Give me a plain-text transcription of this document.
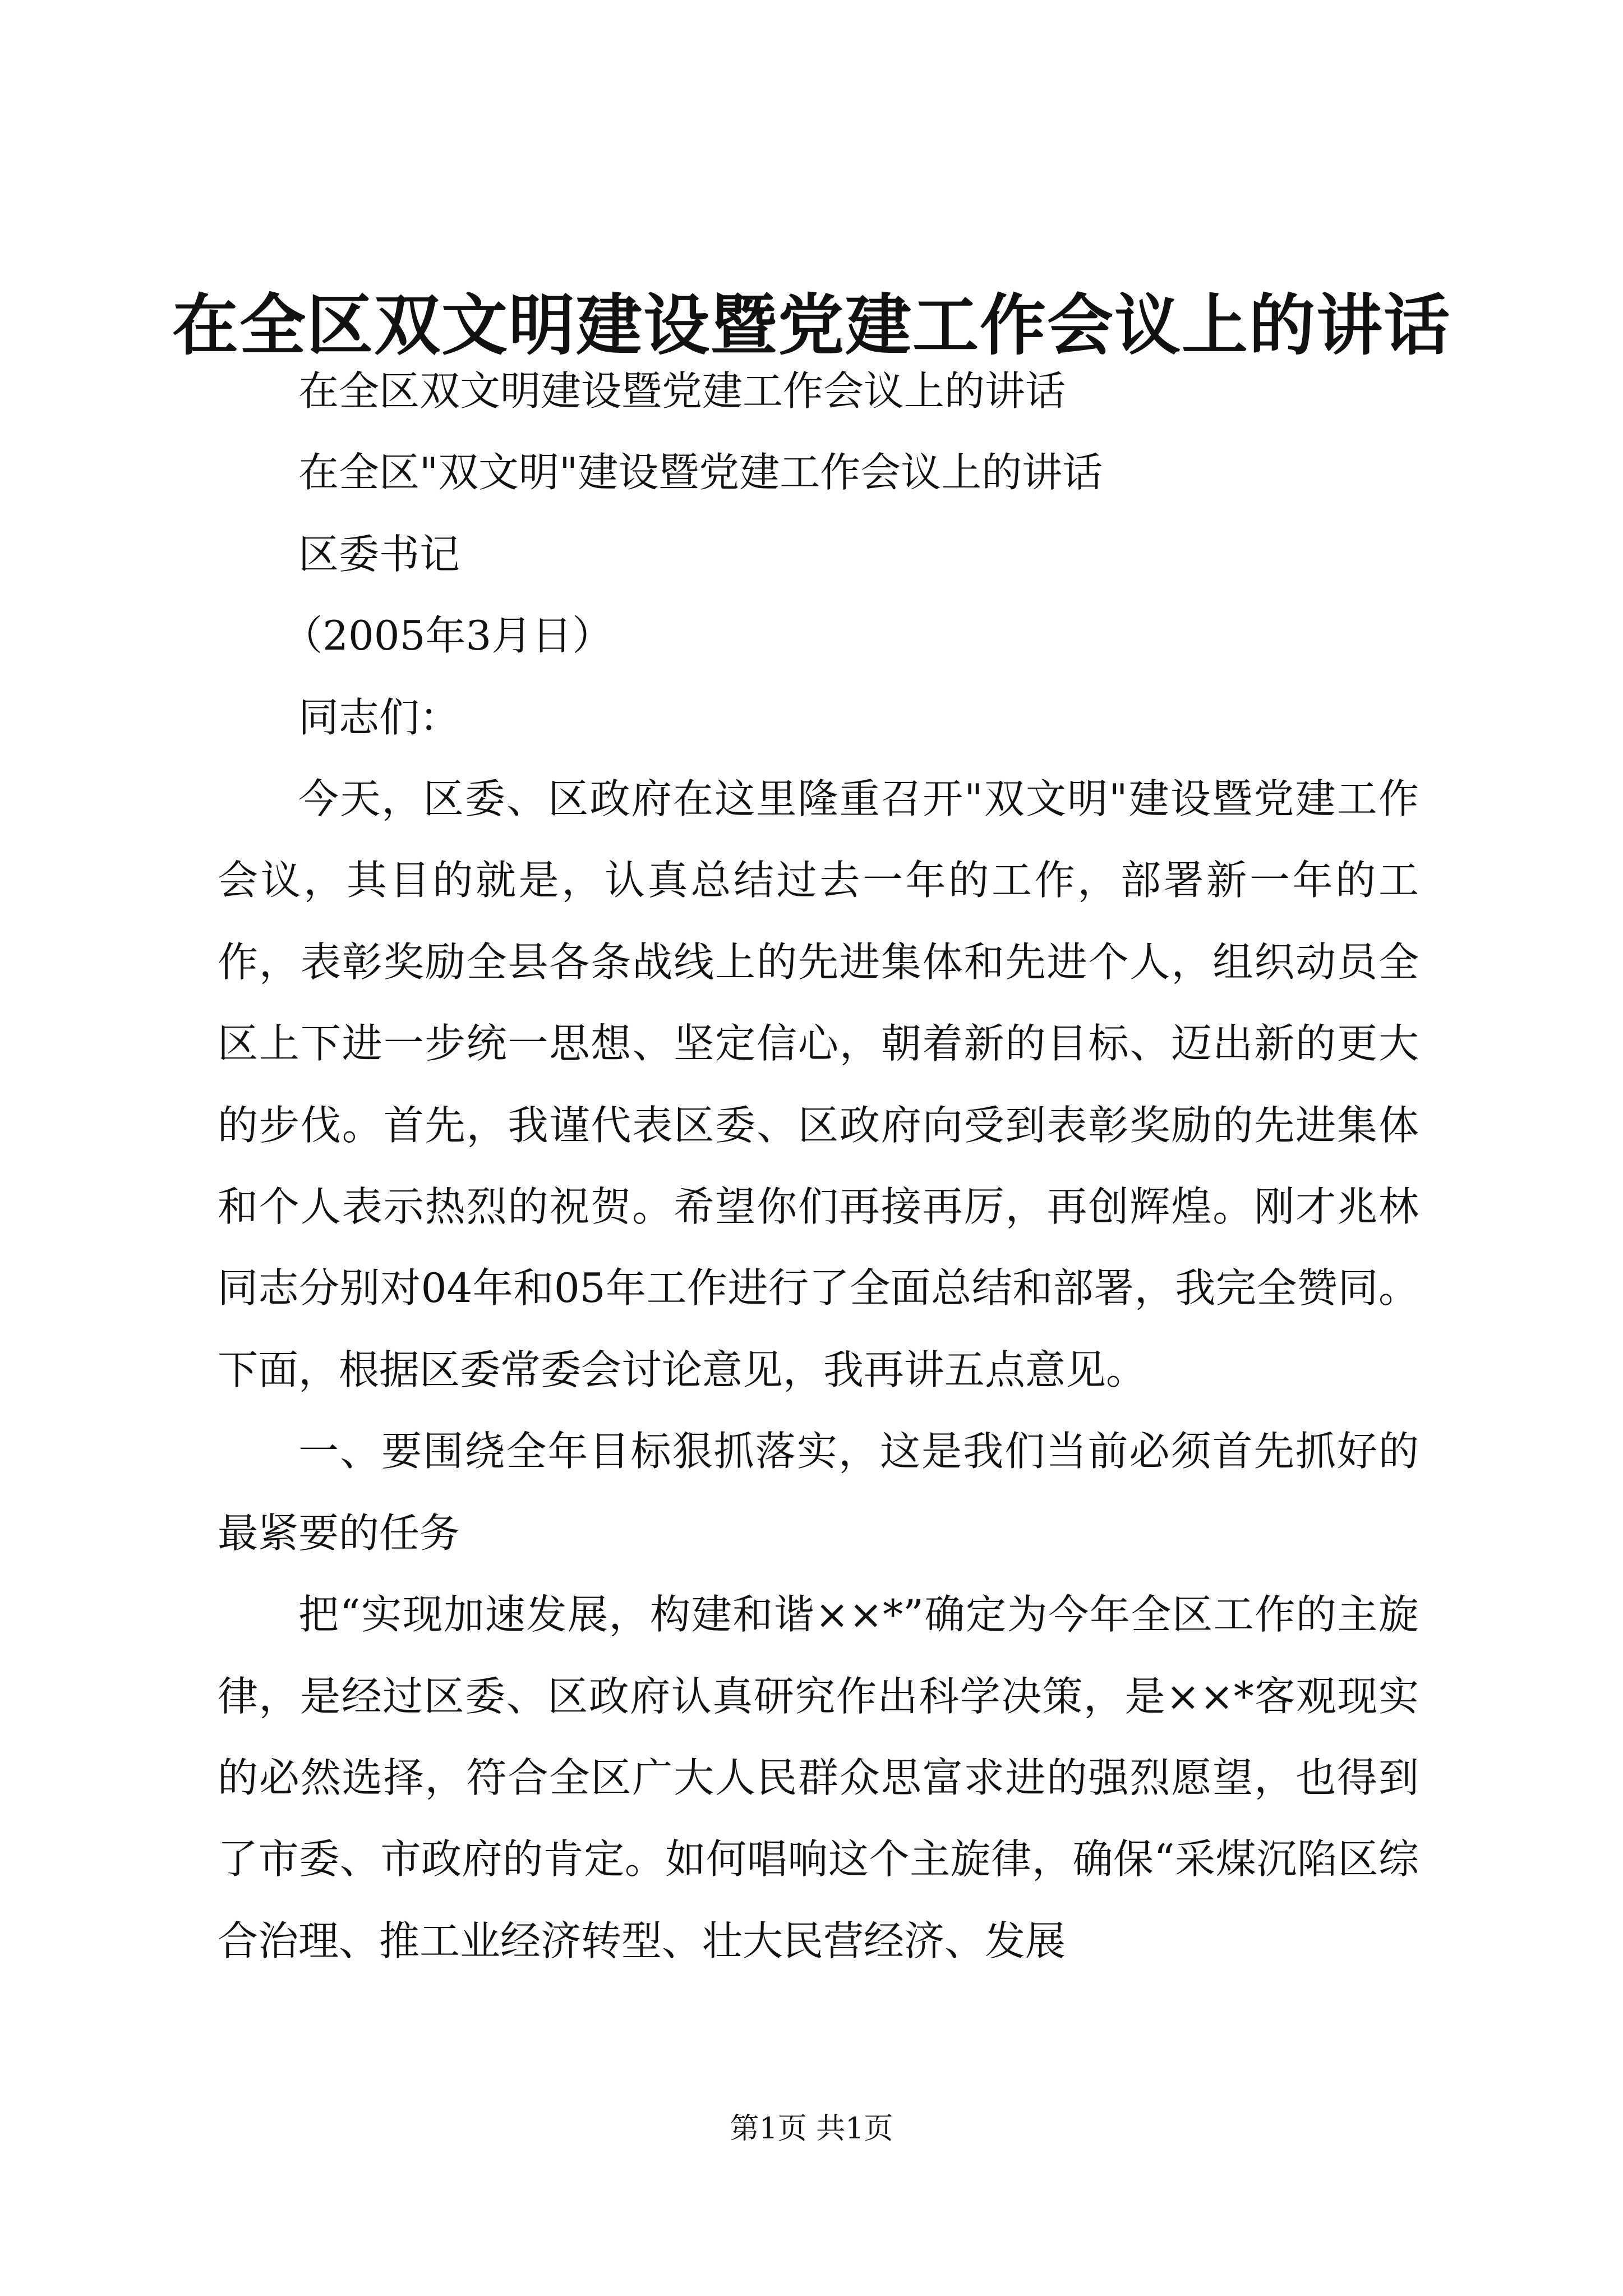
在全区双文明建设暨党建工作会议上的讲话

在全区双文明建设暨党建工作会议上的讲话

在全区"双文明"建设暨党建工作会议上的讲话

区委书记

（2005年3月日）

同志们：

今天，区委、区政府在这里隆重召开"双文明"建设暨党建工作会议，其目的就是，认真总结过去一年的工作，部署新一年的工作，表彰奖励全县各条战线上的先进集体和先进个人，组织动员全区上下进一步统一思想、坚定信心，朝着新的目标、迈出新的更大的步伐。首先，我谨代表区委、区政府向受到表彰奖励的先进集体和个人表示热烈的祝贺。希望你们再接再厉，再创辉煌。刚才兆林同志分别对04年和05年工作进行了全面总结和部署，我完全赞同。下面，根据区委常委会讨论意见，我再讲五点意见。

一、要围绕全年目标狠抓落实，这是我们当前必须首先抓好的最紧要的任务

把“实现加速发展，构建和谐××*”确定为今年全区工作的主旋律，是经过区委、区政府认真研究作出科学决策，是××*客观现实的必然选择，符合全区广大人民群众思富求进的强烈愿望，也得到了市委、市政府的肯定。如何唱响这个主旋律，确保“采煤沉陷区综合治理、推工业经济转型、壮大民营经济、发展

第1页 共1页
